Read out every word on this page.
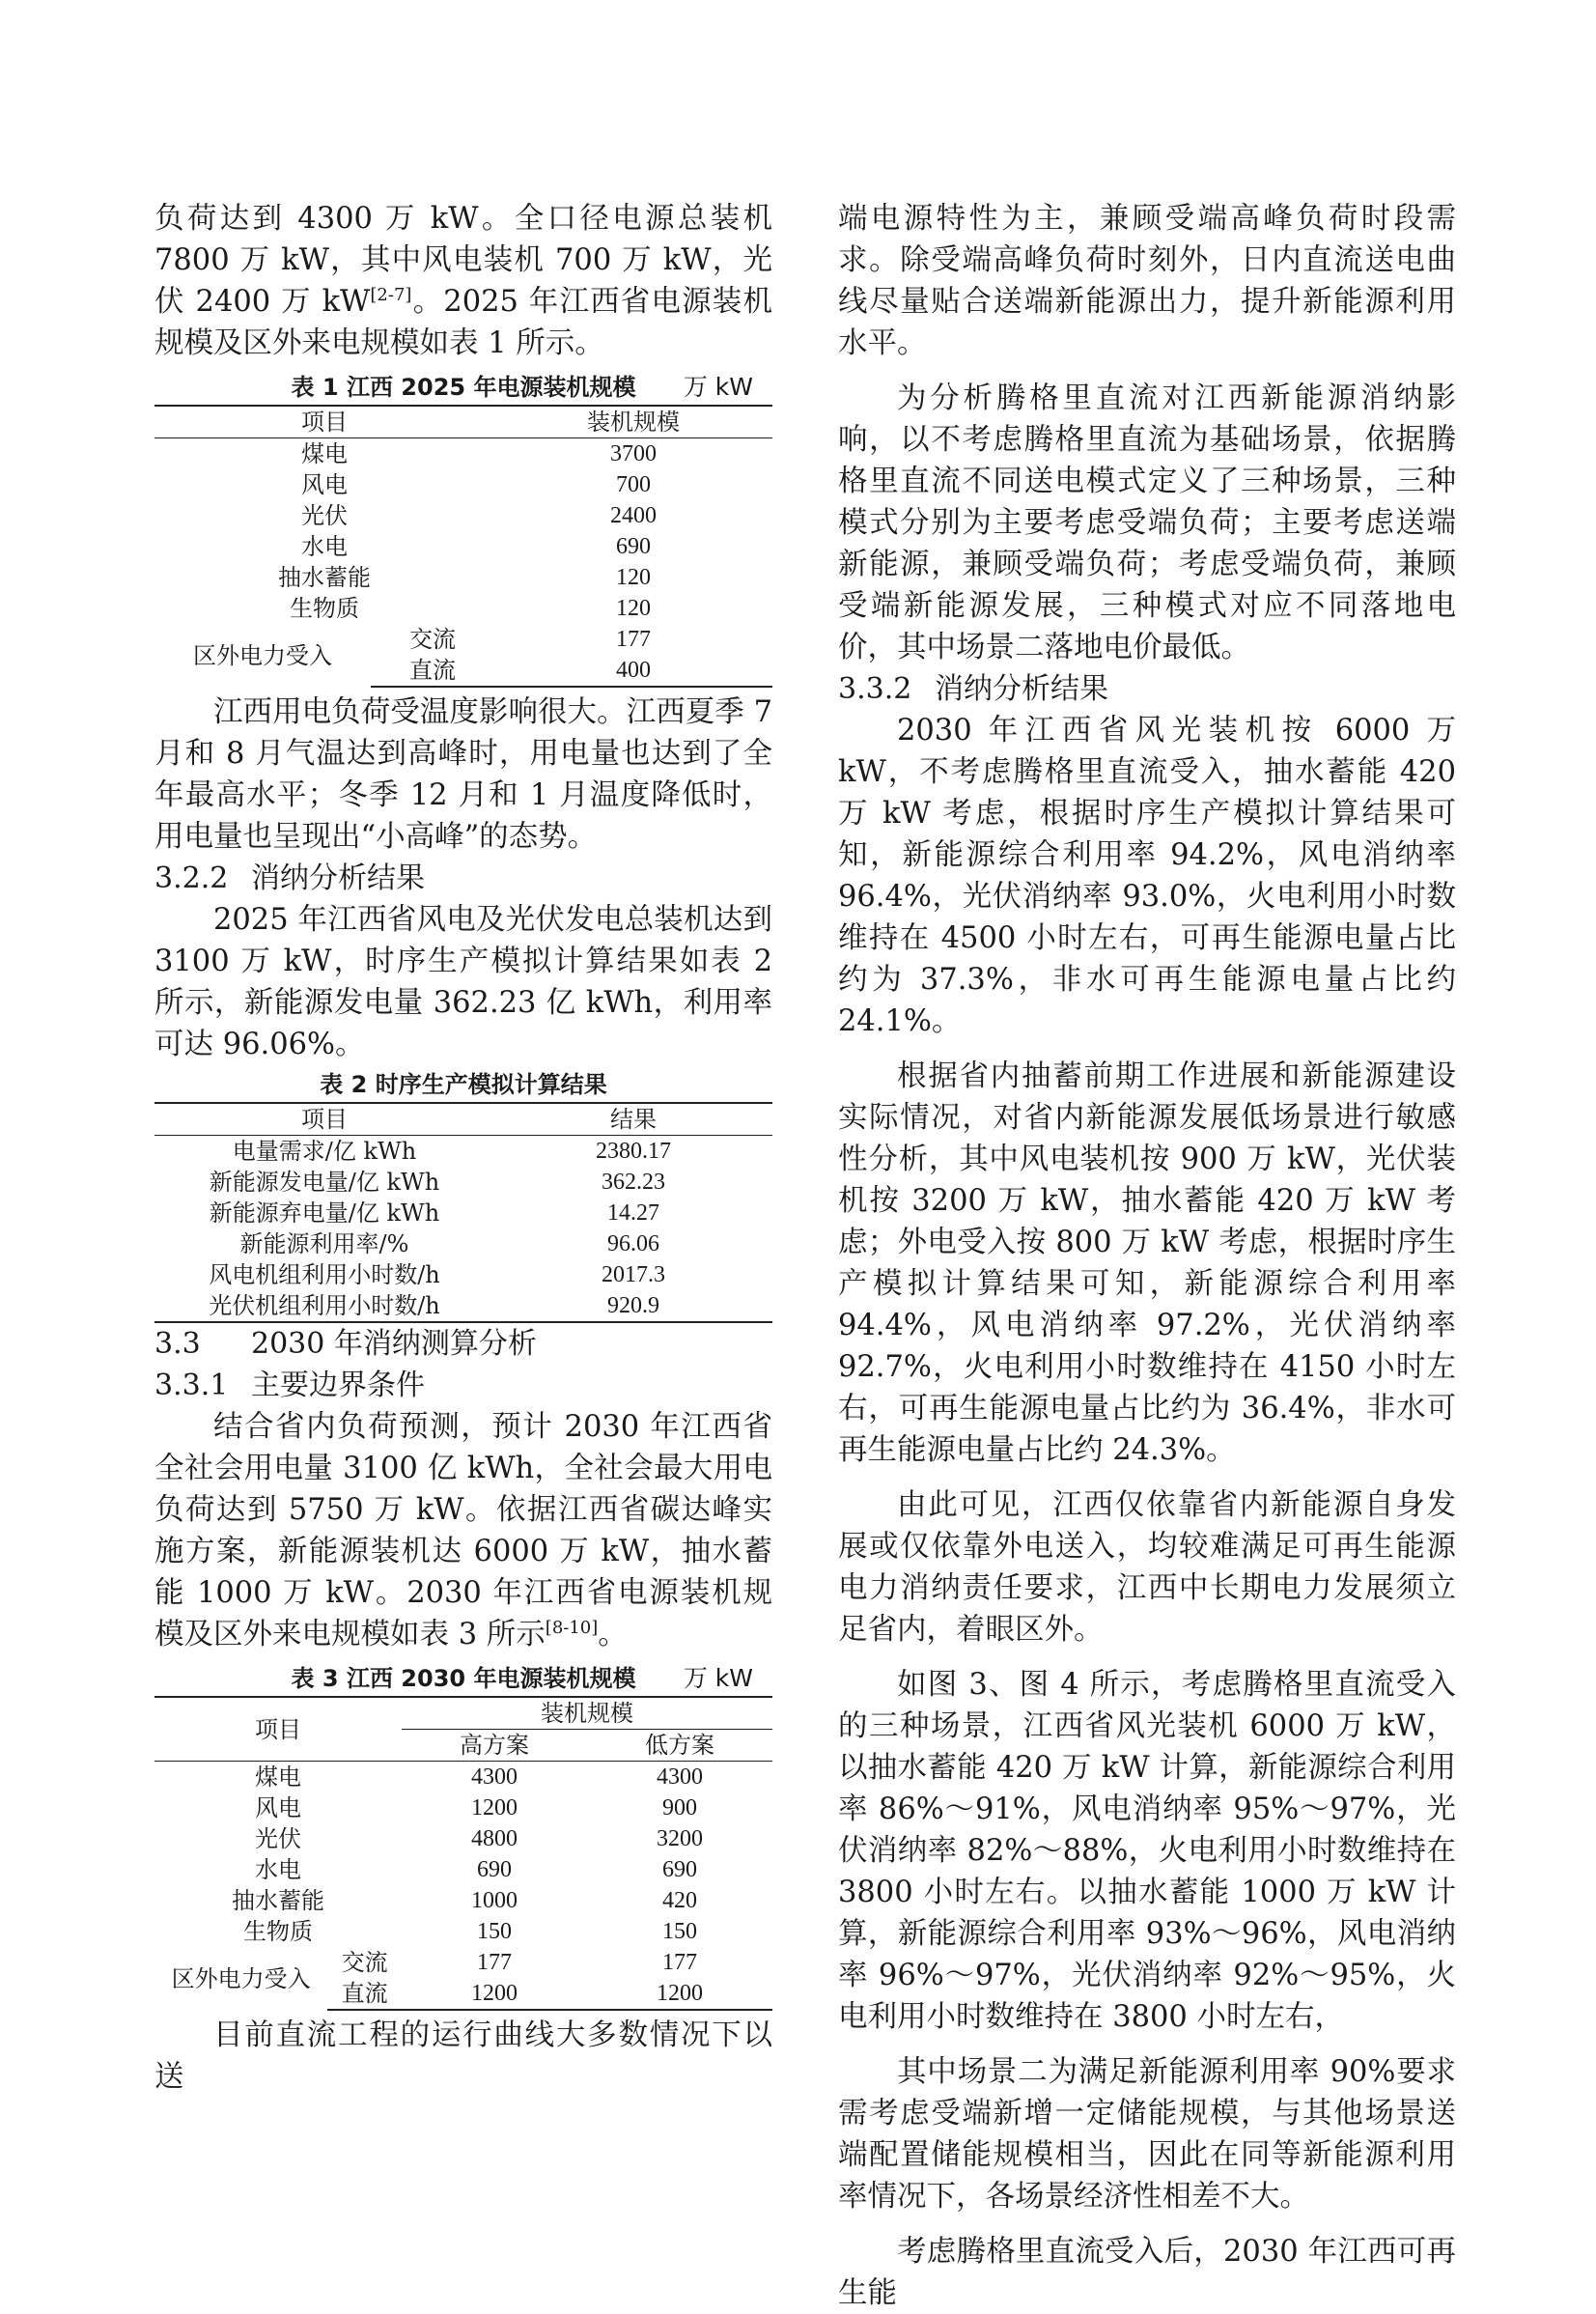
负荷达到 4300 万 kW。全口径电源总装机 7800 万 kW，其中风电装机 700 万 kW，光伏 2400 万 kW[2-7]。2025 年江西省电源装机规模及区外来电规模如表 1 所示。

表 1 江西 2025 年电源装机规模 万 kW
项目		装机规模
煤电		3700
风电		700
光伏		2400
水电		690
抽水蓄能		120
生物质		120
区外电力受入	交流	177
	直流	400

江西用电负荷受温度影响很大。江西夏季 7 月和 8 月气温达到高峰时，用电量也达到了全年最高水平；冬季 12 月和 1 月温度降低时，用电量也呈现出“小高峰”的态势。

3.2.2 消纳分析结果

2025 年江西省风电及光伏发电总装机达到 3100 万 kW，时序生产模拟计算结果如表 2 所示，新能源发电量 362.23 亿 kWh，利用率可达 96.06%。

表 2 时序生产模拟计算结果
项目	结果
电量需求/亿 kWh	2380.17
新能源发电量/亿 kWh	362.23
新能源弃电量/亿 kWh	14.27
新能源利用率/%	96.06
风电机组利用小时数/h	2017.3
光伏机组利用小时数/h	920.9

3.3 2030 年消纳测算分析

3.3.1 主要边界条件

结合省内负荷预测，预计 2030 年江西省全社会用电量 3100 亿 kWh，全社会最大用电负荷达到 5750 万 kW。依据江西省碳达峰实施方案，新能源装机达 6000 万 kW，抽水蓄能 1000 万 kW。2030 年江西省电源装机规模及区外来电规模如表 3 所示[8-10]。

表 3 江西 2030 年电源装机规模 万 kW
项目		装机规模	
		高方案	低方案
煤电		4300	4300
风电		1200	900
光伏		4800	3200
水电		690	690
抽水蓄能		1000	420
生物质		150	150
区外电力受入	交流	177	177
	直流	1200	1200

目前直流工程的运行曲线大多数情况下以送

端电源特性为主，兼顾受端高峰负荷时段需求。除受端高峰负荷时刻外，日内直流送电曲线尽量贴合送端新能源出力，提升新能源利用水平。

为分析腾格里直流对江西新能源消纳影响，以不考虑腾格里直流为基础场景，依据腾格里直流不同送电模式定义了三种场景，三种模式分别为主要考虑受端负荷；主要考虑送端新能源，兼顾受端负荷；考虑受端负荷，兼顾受端新能源发展，三种模式对应不同落地电价，其中场景二落地电价最低。

3.3.2 消纳分析结果

2030 年江西省风光装机按 6000 万 kW，不考虑腾格里直流受入，抽水蓄能 420 万 kW 考虑，根据时序生产模拟计算结果可知，新能源综合利用率 94.2%，风电消纳率 96.4%，光伏消纳率 93.0%，火电利用小时数维持在 4500 小时左右，可再生能源电量占比约为 37.3%，非水可再生能源电量占比约 24.1%。

根据省内抽蓄前期工作进展和新能源建设实际情况，对省内新能源发展低场景进行敏感性分析，其中风电装机按 900 万 kW，光伏装机按 3200 万 kW，抽水蓄能 420 万 kW 考虑；外电受入按 800 万 kW 考虑，根据时序生产模拟计算结果可知，新能源综合利用率 94.4%，风电消纳率 97.2%，光伏消纳率 92.7%，火电利用小时数维持在 4150 小时左右，可再生能源电量占比约为 36.4%，非水可再生能源电量占比约 24.3%。

由此可见，江西仅依靠省内新能源自身发展或仅依靠外电送入，均较难满足可再生能源电力消纳责任要求，江西中长期电力发展须立足省内，着眼区外。

如图 3、图 4 所示，考虑腾格里直流受入的三种场景，江西省风光装机 6000 万 kW，以抽水蓄能 420 万 kW 计算，新能源综合利用率 86%～91%，风电消纳率 95%～97%，光伏消纳率 82%～88%，火电利用小时数维持在 3800 小时左右。以抽水蓄能 1000 万 kW 计算，新能源综合利用率 93%～96%，风电消纳率 96%～97%，光伏消纳率 92%～95%，火电利用小时数维持在 3800 小时左右，

其中场景二为满足新能源利用率 90%要求需考虑受端新增一定储能规模，与其他场景送端配置储能规模相当，因此在同等新能源利用率情况下，各场景经济性相差不大。

考虑腾格里直流受入后，2030 年江西可再生能
